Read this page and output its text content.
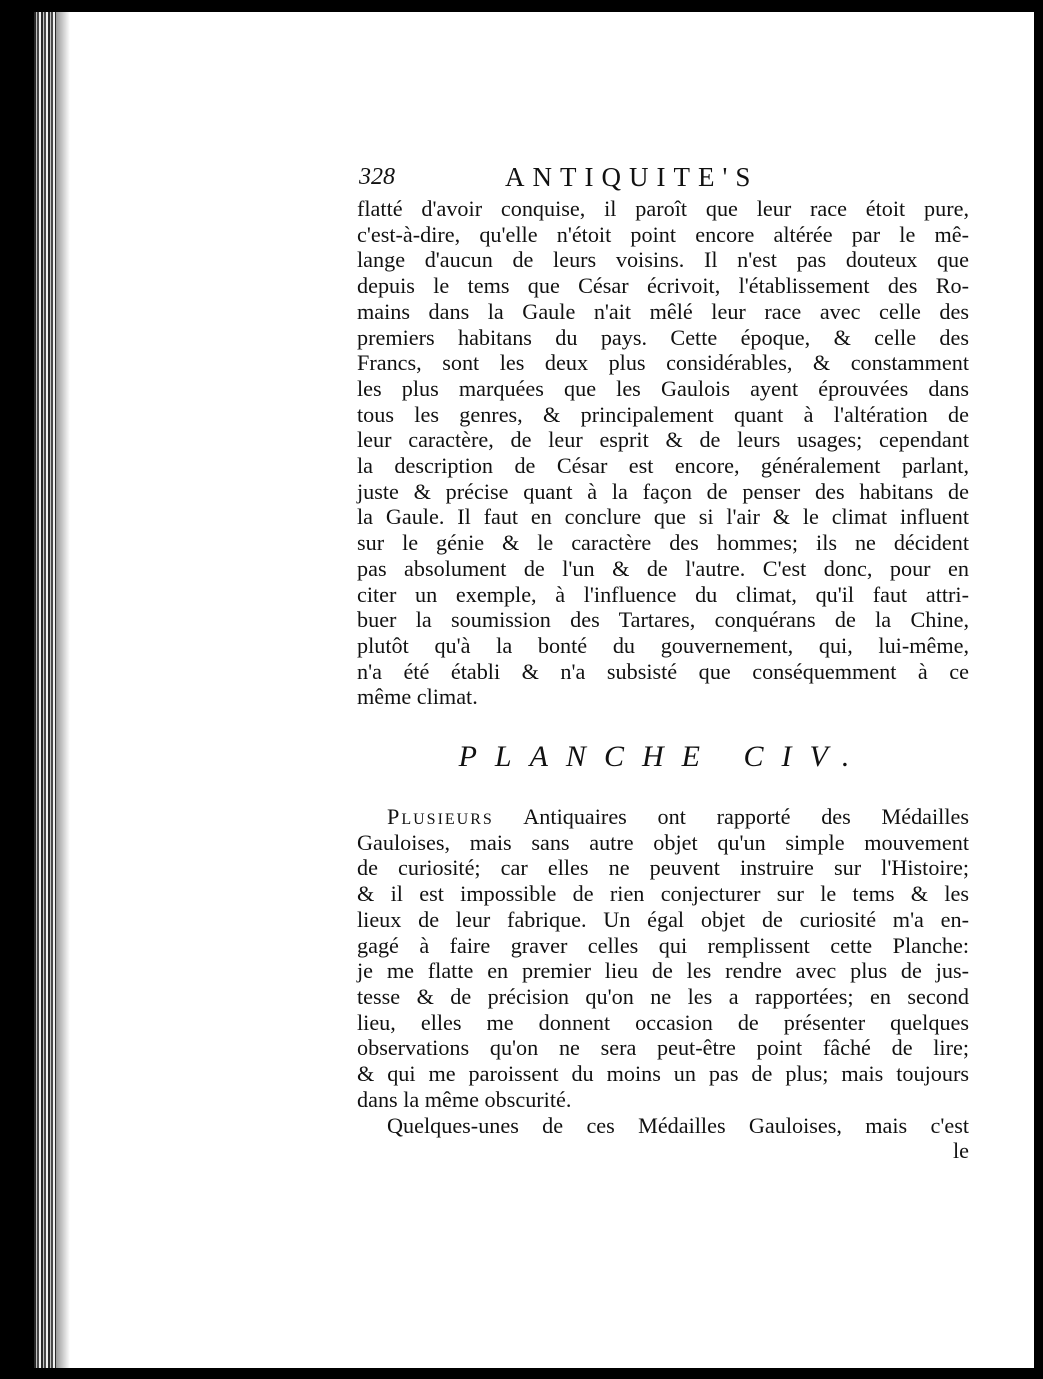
328	ANTIQUITE'S
flatté d'avoir conquise, il paroît que leur race étoit pure,
c'est-à-dire, qu'elle n'étoit point encore altérée par le mê-
lange d'aucun de leurs voisins. Il n'est pas douteux que
depuis le tems que César écrivoit, l'établissement des Ro-
mains dans la Gaule n'ait mêlé leur race avec celle des
premiers habitans du pays. Cette époque, & celle des
Francs, sont les deux plus considérables, & constamment
les plus marquées que les Gaulois ayent éprouvées dans
tous les genres, & principalement quant à l'altération de
leur caractère, de leur esprit & de leurs usages; cependant
la description de César est encore, généralement parlant,
juste & précise quant à la façon de penser des habitans de
la Gaule. Il faut en conclure que si l'air & le climat influent
sur le génie & le caractère des hommes; ils ne décident
pas absolument de l'un & de l'autre. C'est donc, pour en
citer un exemple, à l'influence du climat, qu'il faut attri-
buer la soumission des Tartares, conquérans de la Chine,
plutôt qu'à la bonté du gouvernement, qui, lui-même,
n'a été établi & n'a subsisté que conséquemment à ce
même climat.
PLANCHE CIV.
Plusieurs Antiquaires ont rapporté des Médailles
Gauloises, mais sans autre objet qu'un simple mouvement
de curiosité; car elles ne peuvent instruire sur l'Histoire;
& il est impossible de rien conjecturer sur le tems & les
lieux de leur fabrique. Un égal objet de curiosité m'a en-
gagé à faire graver celles qui remplissent cette Planche:
je me flatte en premier lieu de les rendre avec plus de jus-
tesse & de précision qu'on ne les a rapportées; en second
lieu, elles me donnent occasion de présenter quelques
observations qu'on ne sera peut-être point fâché de lire;
& qui me paroissent du moins un pas de plus; mais toujours
dans la même obscurité.
Quelques-unes de ces Médailles Gauloises, mais c'est
le
